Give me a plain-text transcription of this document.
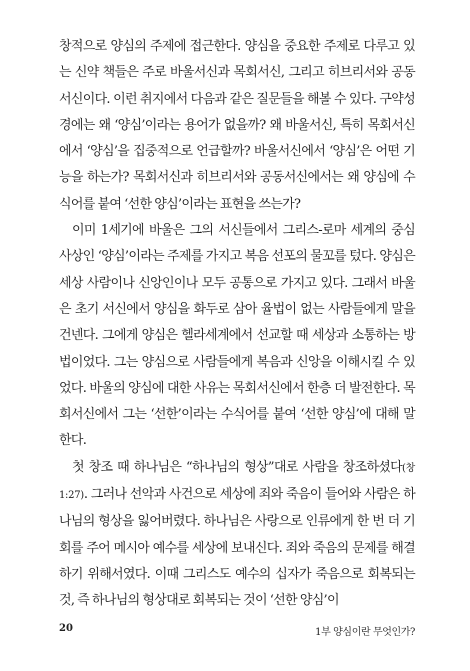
창적으로 양심의 주제에 접근한다. 양심을 중요한 주제로 다루고 있는 신약 책들은 주로 바울서신과 목회서신, 그리고 히브리서와 공동서신이다. 이런 취지에서 다음과 같은 질문들을 해볼 수 있다. 구약성경에는 왜 ‘양심’이라는 용어가 없을까? 왜 바울서신, 특히 목회서신에서 ‘양심’을 집중적으로 언급할까? 바울서신에서 ‘양심’은 어떤 기능을 하는가? 목회서신과 히브리서와 공동서신에서는 왜 양심에 수식어를 붙여 ‘선한 양심’이라는 표현을 쓰는가?

이미 1세기에 바울은 그의 서신들에서 그리스-로마 세계의 중심 사상인 ‘양심’이라는 주제를 가지고 복음 선포의 물꼬를 텄다. 양심은 세상 사람이나 신앙인이나 모두 공통으로 가지고 있다. 그래서 바울은 초기 서신에서 양심을 화두로 삼아 율법이 없는 사람들에게 말을 건넨다. 그에게 양심은 헬라세계에서 선교할 때 세상과 소통하는 방법이었다. 그는 양심으로 사람들에게 복음과 신앙을 이해시킬 수 있었다. 바울의 양심에 대한 사유는 목회서신에서 한층 더 발전한다. 목회서신에서 그는 ‘선한’이라는 수식어를 붙여 ‘선한 양심’에 대해 말한다.

첫 창조 때 하나님은 “하나님의 형상”대로 사람을 창조하셨다(창 1:27). 그러나 선악과 사건으로 세상에 죄와 죽음이 들어와 사람은 하나님의 형상을 잃어버렸다. 하나님은 사랑으로 인류에게 한 번 더 기회를 주어 메시아 예수를 세상에 보내신다. 죄와 죽음의 문제를 해결하기 위해서였다. 이때 그리스도 예수의 십자가 죽음으로 회복되는 것, 즉 하나님의 형상대로 회복되는 것이 ‘선한 양심’이

20	1부 양심이란 무엇인가?
